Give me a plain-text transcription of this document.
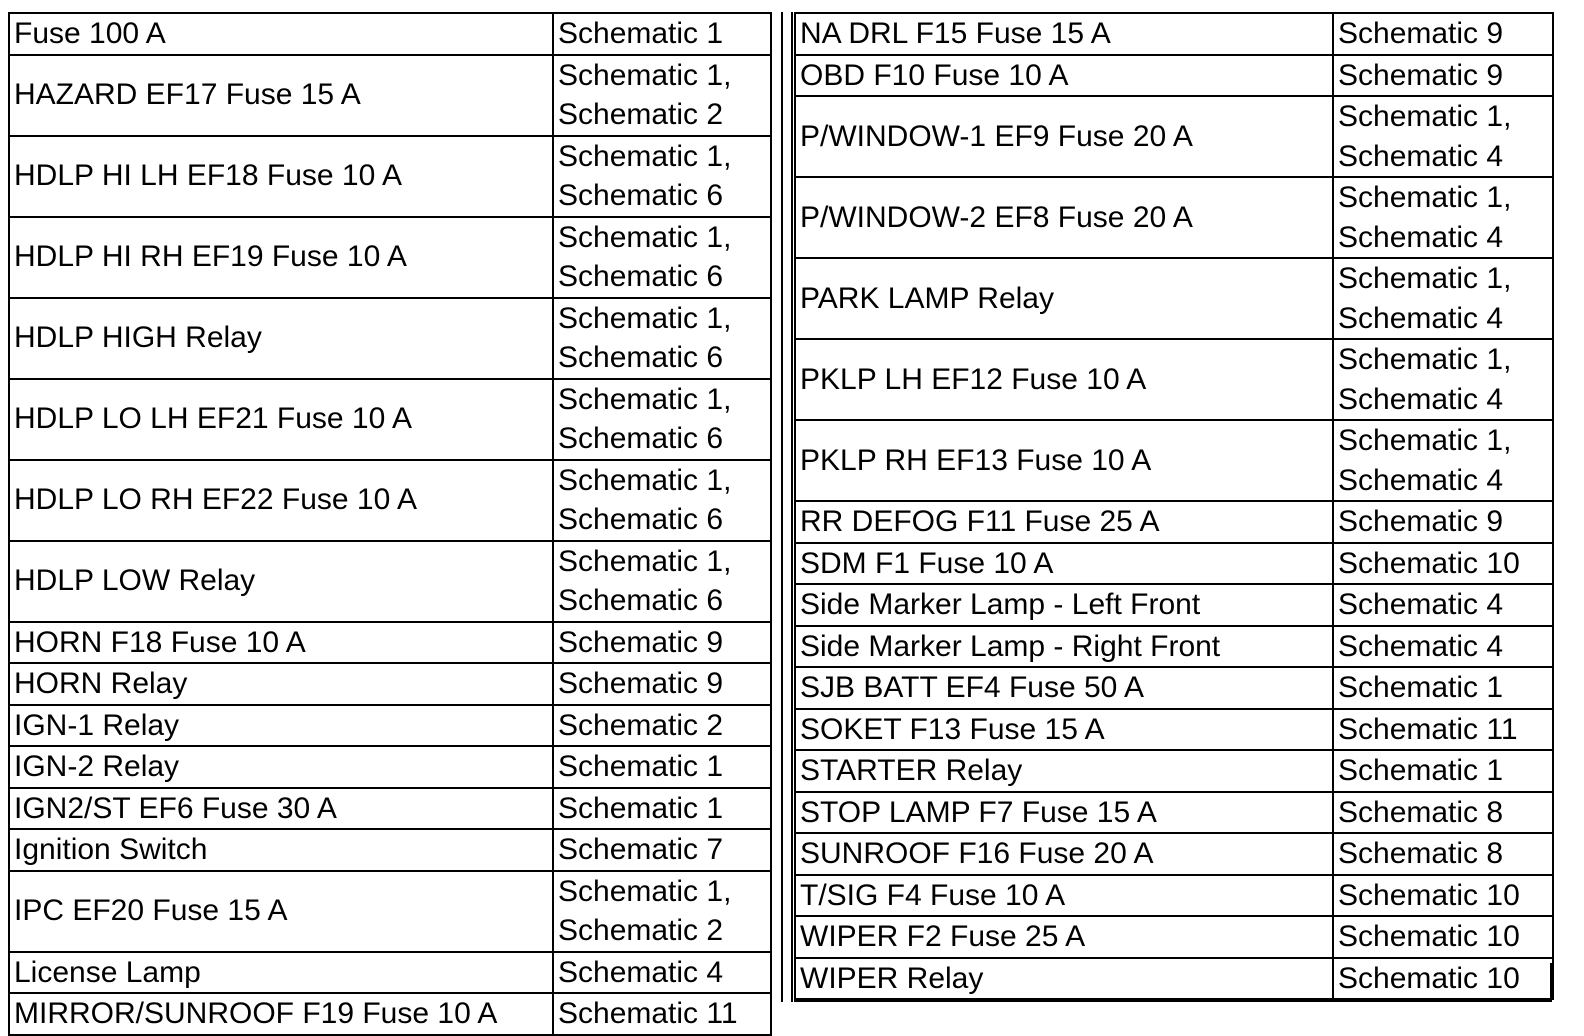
Fuse 100 A	Schematic 1
HAZARD EF17 Fuse 15 A	Schematic 1,
	Schematic 2
HDLP HI LH EF18 Fuse 10 A	Schematic 1,
	Schematic 6
HDLP HI RH EF19 Fuse 10 A	Schematic 1,
	Schematic 6
HDLP HIGH Relay	Schematic 1,
	Schematic 6
HDLP LO LH EF21 Fuse 10 A	Schematic 1,
	Schematic 6
HDLP LO RH EF22 Fuse 10 A	Schematic 1,
	Schematic 6
HDLP LOW Relay	Schematic 1,
	Schematic 6
HORN F18 Fuse 10 A	Schematic 9
HORN Relay	Schematic 9
IGN-1 Relay	Schematic 2
IGN-2 Relay	Schematic 1
IGN2/ST EF6 Fuse 30 A	Schematic 1
Ignition Switch	Schematic 7
IPC EF20 Fuse 15 A	Schematic 1,
	Schematic 2
License Lamp	Schematic 4
MIRROR/SUNROOF F19 Fuse 10 A	Schematic 11
NA DRL F15 Fuse 15 A	Schematic 9
OBD F10 Fuse 10 A	Schematic 9
P/WINDOW-1 EF9 Fuse 20 A	Schematic 1,
	Schematic 4
P/WINDOW-2 EF8 Fuse 20 A	Schematic 1,
	Schematic 4
PARK LAMP Relay	Schematic 1,
	Schematic 4
PKLP LH EF12 Fuse 10 A	Schematic 1,
	Schematic 4
PKLP RH EF13 Fuse 10 A	Schematic 1,
	Schematic 4
RR DEFOG F11 Fuse 25 A	Schematic 9
SDM F1 Fuse 10 A	Schematic 10
Side Marker Lamp - Left Front	Schematic 4
Side Marker Lamp - Right Front	Schematic 4
SJB BATT EF4 Fuse 50 A	Schematic 1
SOKET F13 Fuse 15 A	Schematic 11
STARTER Relay	Schematic 1
STOP LAMP F7 Fuse 15 A	Schematic 8
SUNROOF F16 Fuse 20 A	Schematic 8
T/SIG F4 Fuse 10 A	Schematic 10
WIPER F2 Fuse 25 A	Schematic 10
WIPER Relay	Schematic 10
